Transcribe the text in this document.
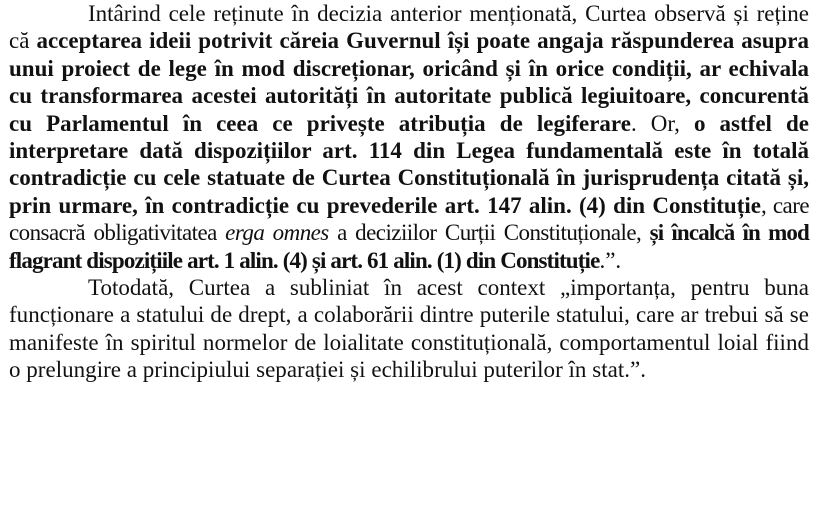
Intârind cele reținute în decizia anterior menționată, Curtea observă și reține că acceptarea ideii potrivit căreia Guvernul își poate angaja răspunderea asupra unui proiect de lege în mod discreționar, oricând și în orice condiții, ar echivala cu transformarea acestei autorități în autoritate publică legiuitoare, concurentă cu Parlamentul în ceea ce privește atribuția de legiferare. Or, o astfel de interpretare dată dispozițiilor art. 114 din Legea fundamentală este în totală contradicție cu cele statuate de Curtea Constituțională în jurisprudența citată și, prin urmare, în contradicție cu prevederile art. 147 alin. (4) din Constituție, care consacră obligativitatea erga omnes a deciziilor Curții Constituționale, și încalcă în mod flagrant dispozițiile art. 1 alin. (4) și art. 61 alin. (1) din Constituție.”.

Totodată, Curtea a subliniat în acest context „importanța, pentru buna funcționare a statului de drept, a colaborării dintre puterile statului, care ar trebui să se manifeste în spiritul normelor de loialitate constituțională, comportamentul loial fiind o prelungire a principiului separației și echilibrului puterilor în stat.”.
